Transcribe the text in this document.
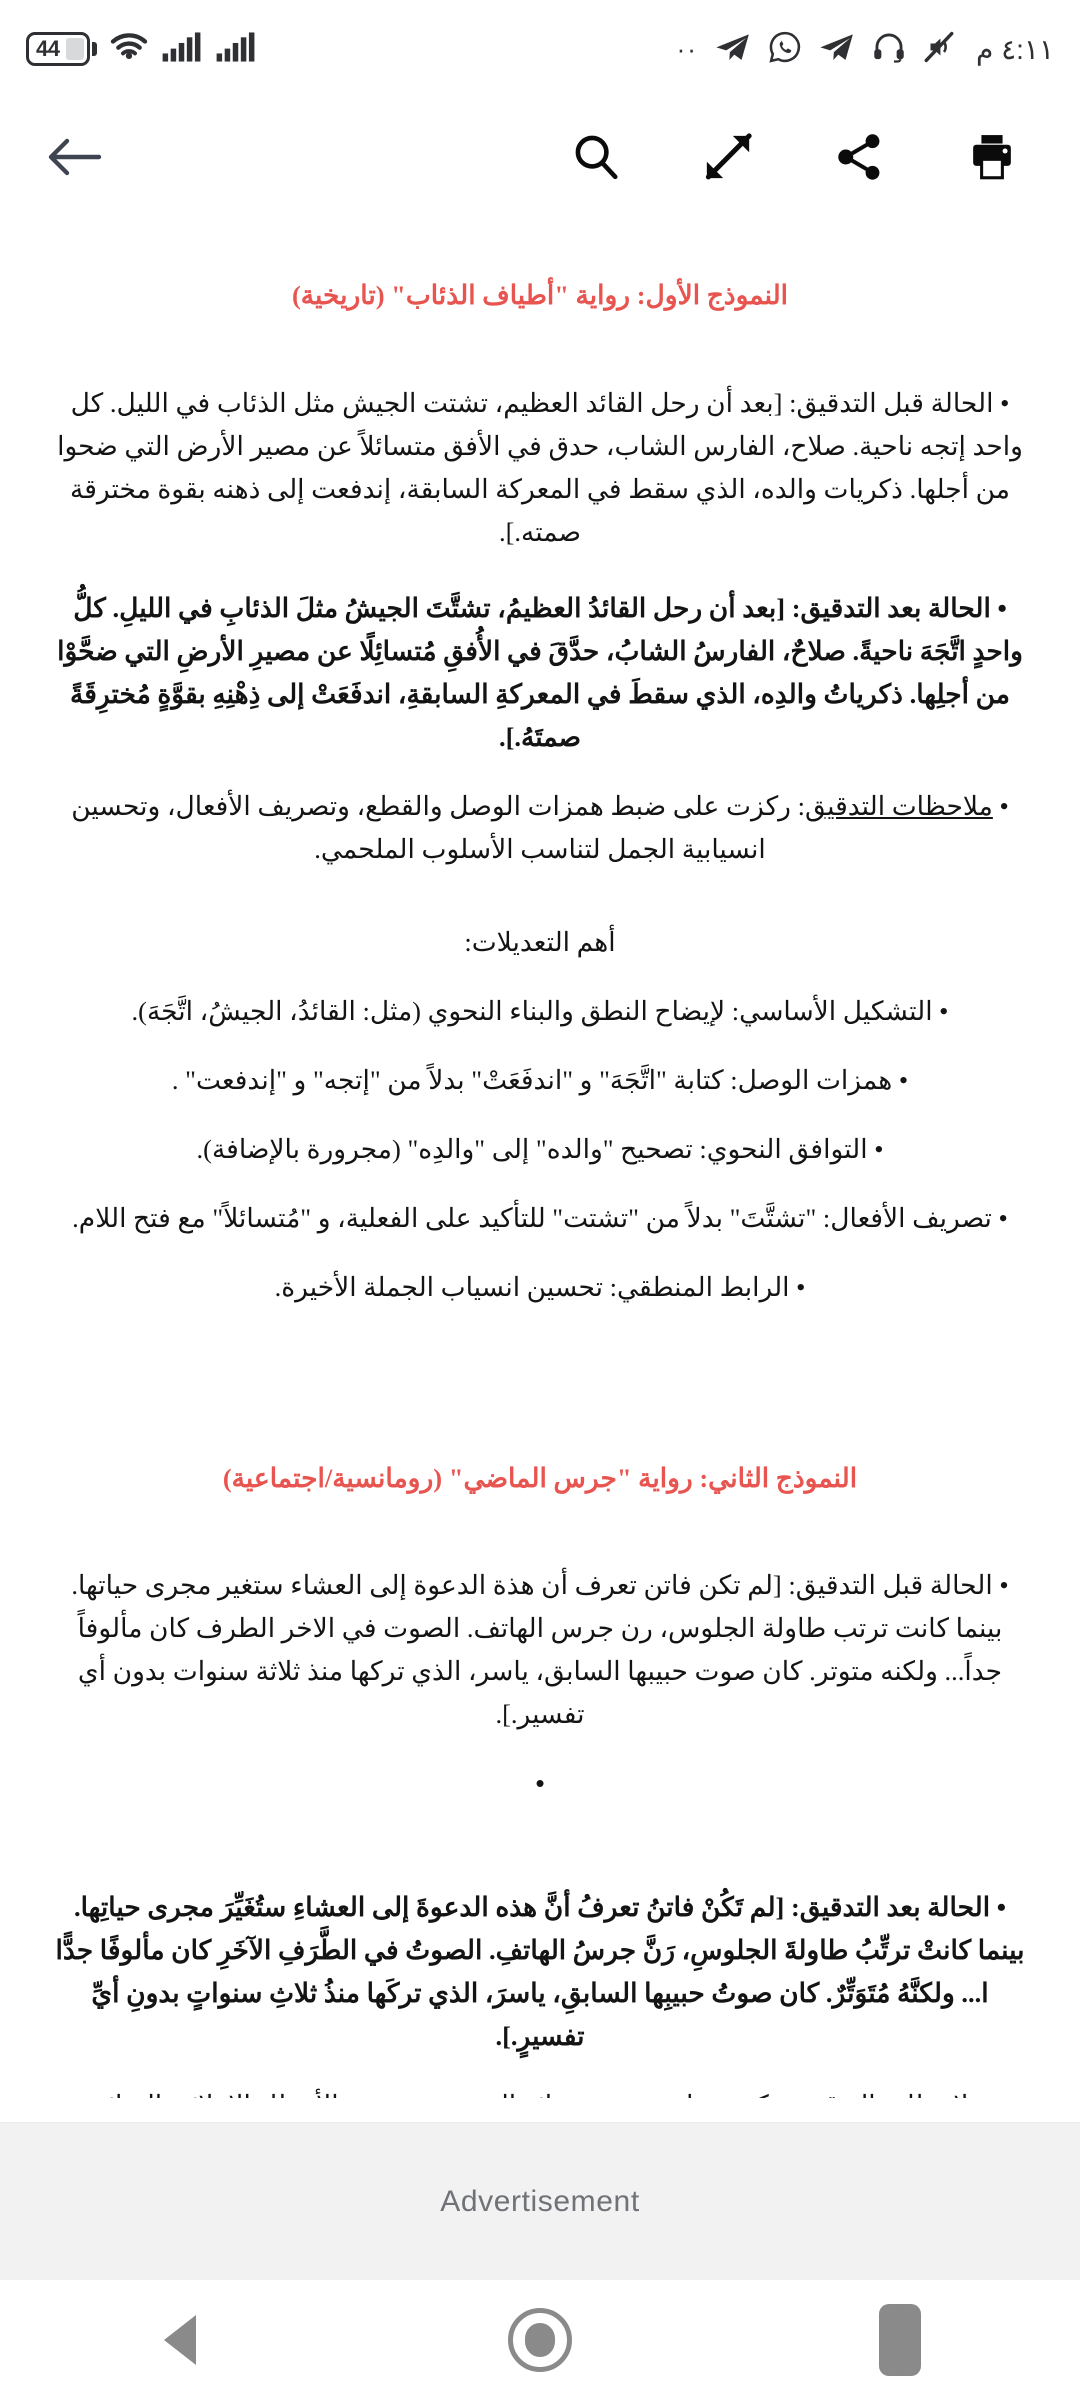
44	··	٤:١١ م

النموذج الأول: رواية "أطياف الذئاب" (تاريخية)

• الحالة قبل التدقيق: [بعد أن رحل القائد العظيم، تشتت الجيش مثل الذئاب في الليل. كل واحد إتجه ناحية. صلاح، الفارس الشاب، حدق في الأفق متسائلاً عن مصير الأرض التي ضحوا من أجلها. ذكريات والده، الذي سقط في المعركة السابقة، إندفعت إلى ذهنه بقوة مخترقة صمته.].

• الحالة بعد التدقيق: [بعد أن رحل القائدُ العظيمُ، تشتَّتَ الجيشُ مثلَ الذئابِ في الليلِ. كلُّ واحدٍ اتَّجَهَ ناحيةً. صلاحٌ، الفارسُ الشابُ، حدَّقَ في الأُفقِ مُتسائِلًا عن مصيرِ الأرضِ التي ضحَّوْا من أجلِها. ذكرياتُ والدِه، الذي سقطَ في المعركةِ السابقةِ، اندفَعَتْ إلى ذِهْنِهِ بقوَّةٍ مُخترِقَةً صمتَهُ.].

• ملاحظات التدقيق: ركزت على ضبط همزات الوصل والقطع، وتصريف الأفعال، وتحسين انسيابية الجمل لتناسب الأسلوب الملحمي.

أهم التعديلات:

• التشكيل الأساسي: لإيضاح النطق والبناء النحوي (مثل: القائدُ، الجيشُ، اتَّجَهَ).

• همزات الوصل: كتابة "اتَّجَهَ" و "اندفَعَتْ" بدلاً من "إتجه" و "إندفعت" .

• التوافق النحوي: تصحيح "والده" إلى "والدِه" (مجرورة بالإضافة).

• تصريف الأفعال: "تشتَّتَ" بدلاً من "تشتت" للتأكيد على الفعلية، و "مُتسائلاً" مع فتح اللام.

• الرابط المنطقي: تحسين انسياب الجملة الأخيرة.

النموذج الثاني: رواية "جرس الماضي" (رومانسية/اجتماعية)

• الحالة قبل التدقيق: [لم تكن فاتن تعرف أن هذة الدعوة إلى العشاء ستغير مجرى حياتها. بينما كانت ترتب طاولة الجلوس، رن جرس الهاتف. الصوت في الاخر الطرف كان مألوفاً جداً... ولكنه متوتر. كان صوت حبيبها السابق، ياسر، الذي تركها منذ ثلاثة سنوات بدون أي تفسير.].

•

• الحالة بعد التدقيق: [لم تَكُنْ فاتنُ تعرفُ أنَّ هذه الدعوةَ إلى العشاءِ ستُغَيِّرَ مجرى حياتِها. بينما كانتْ ترتِّبُ طاولةَ الجلوسِ، رَنَّ جرسُ الهاتفِ. الصوتُ في الطَّرَفِ الآخَرِ كان مألوفًا جدًّا ا... ولكنَّهُ مُتَوَتِّرٌ. كان صوتُ حبيبِها السابقِ، ياسرَ، الذي تركَها منذُ ثلاثِ سنواتٍ بدونِ أيِّ تفسيرٍ.].

Advertisement
